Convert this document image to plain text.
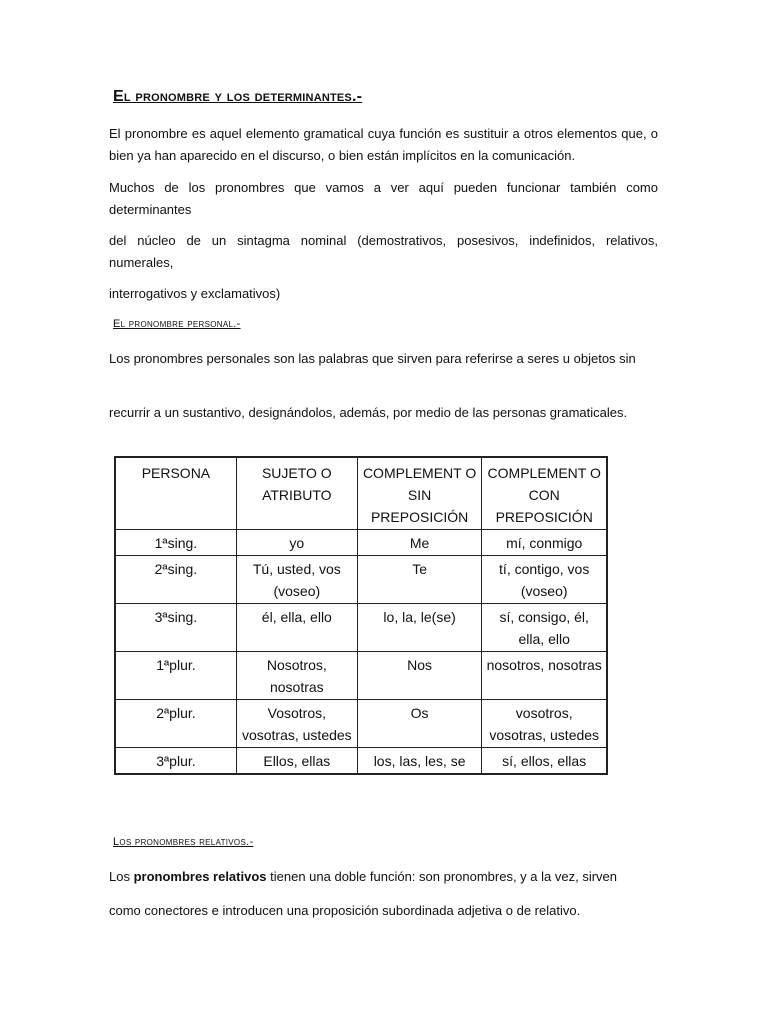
El pronombre y los determinantes.-
El pronombre es aquel elemento gramatical cuya función es sustituir a otros elementos que, o bien ya han aparecido en el discurso, o bien están implícitos en la comunicación.
Muchos de los pronombres que vamos a ver aquí pueden funcionar también como determinantes
del núcleo de un sintagma nominal (demostrativos, posesivos, indefinidos, relativos, numerales,
interrogativos y exclamativos)
El pronombre personal.-
Los pronombres personales son las palabras que sirven para referirse a seres u objetos sin
recurrir a un sustantivo, designándolos, además, por medio de las personas gramaticales.
PERSONA	SUJETO O ATRIBUTO	COMPLEMENT O SIN PREPOSICIÓN	COMPLEMENT O CON PREPOSICIÓN
1ªsing.	yo	Me	mí, conmigo
2ªsing.	Tú, usted, vos (voseo)	Te	tí, contigo, vos (voseo)
3ªsing.	él, ella, ello	lo, la, le(se)	sí, consigo, él, ella, ello
1ªplur.	Nosotros, nosotras	Nos	nosotros, nosotras
2ªplur.	Vosotros, vosotras, ustedes	Os	vosotros, vosotras, ustedes
3ªplur.	Ellos, ellas	los, las, les, se	sí, ellos, ellas
Los pronombres relativos.-
Los pronombres relativos tienen una doble función: son pronombres, y a la vez, sirven
como conectores e introducen una proposición subordinada adjetiva o de relativo.
